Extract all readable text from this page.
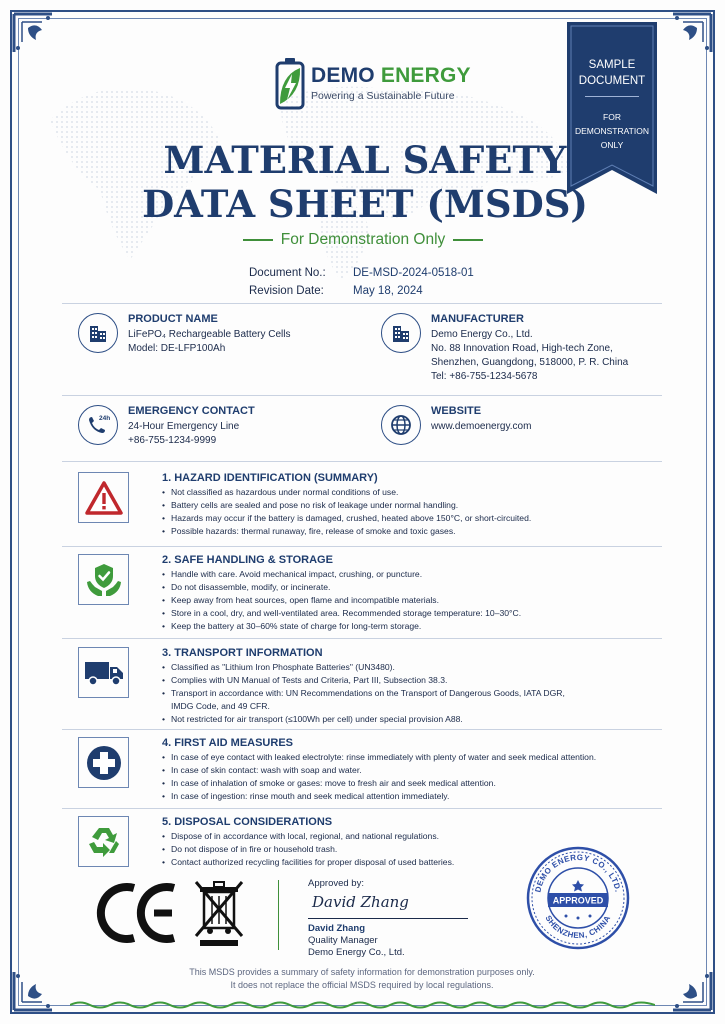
DEMO ENERGY
Powering a Sustainable Future
SAMPLE
DOCUMENT
FOR
DEMONSTRATION
ONLY
MATERIAL SAFETY
DATA SHEET (MSDS)
For Demonstration Only
Document No.:	DE-MSD-2024-0518-01
Revision Date:	May 18, 2024
PRODUCT NAME
LiFePO₄ Rechargeable Battery Cells
Model: DE-LFP100Ah
MANUFACTURER
Demo Energy Co., Ltd.
No. 88 Innovation Road, High-tech Zone,
Shenzhen, Guangdong, 518000, P. R. China
Tel: +86-755-1234-5678
24h
EMERGENCY CONTACT
24-Hour Emergency Line
+86-755-1234-9999
WEBSITE
www.demoenergy.com
1. HAZARD IDENTIFICATION (SUMMARY)
• Not classified as hazardous under normal conditions of use.
• Battery cells are sealed and pose no risk of leakage under normal handling.
• Hazards may occur if the battery is damaged, crushed, heated above 150°C, or short-circuited.
• Possible hazards: thermal runaway, fire, release of smoke and toxic gases.
2. SAFE HANDLING & STORAGE
• Handle with care. Avoid mechanical impact, crushing, or puncture.
• Do not disassemble, modify, or incinerate.
• Keep away from heat sources, open flame and incompatible materials.
• Store in a cool, dry, and well-ventilated area. Recommended storage temperature: 10–30°C.
• Keep the battery at 30–60% state of charge for long-term storage.
3. TRANSPORT INFORMATION
• Classified as "Lithium Iron Phosphate Batteries" (UN3480).
• Complies with UN Manual of Tests and Criteria, Part III, Subsection 38.3.
• Transport in accordance with: UN Recommendations on the Transport of Dangerous Goods, IATA DGR, IMDG Code, and 49 CFR.
• Not restricted for air transport (≤100Wh per cell) under special provision A88.
4. FIRST AID MEASURES
• In case of eye contact with leaked electrolyte: rinse immediately with plenty of water and seek medical attention.
• In case of skin contact: wash with soap and water.
• In case of inhalation of smoke or gases: move to fresh air and seek medical attention.
• In case of ingestion: rinse mouth and seek medical attention immediately.
5. DISPOSAL CONSIDERATIONS
• Dispose of in accordance with local, regional, and national regulations.
• Do not dispose of in fire or household trash.
• Contact authorized recycling facilities for proper disposal of used batteries.
Approved by:
David Zhang
David Zhang
Quality Manager
Demo Energy Co., Ltd.
DEMO ENERGY CO., LTD.
SHENZHEN, CHINA
APPROVED
This MSDS provides a summary of safety information for demonstration purposes only.
It does not replace the official MSDS required by local regulations.
